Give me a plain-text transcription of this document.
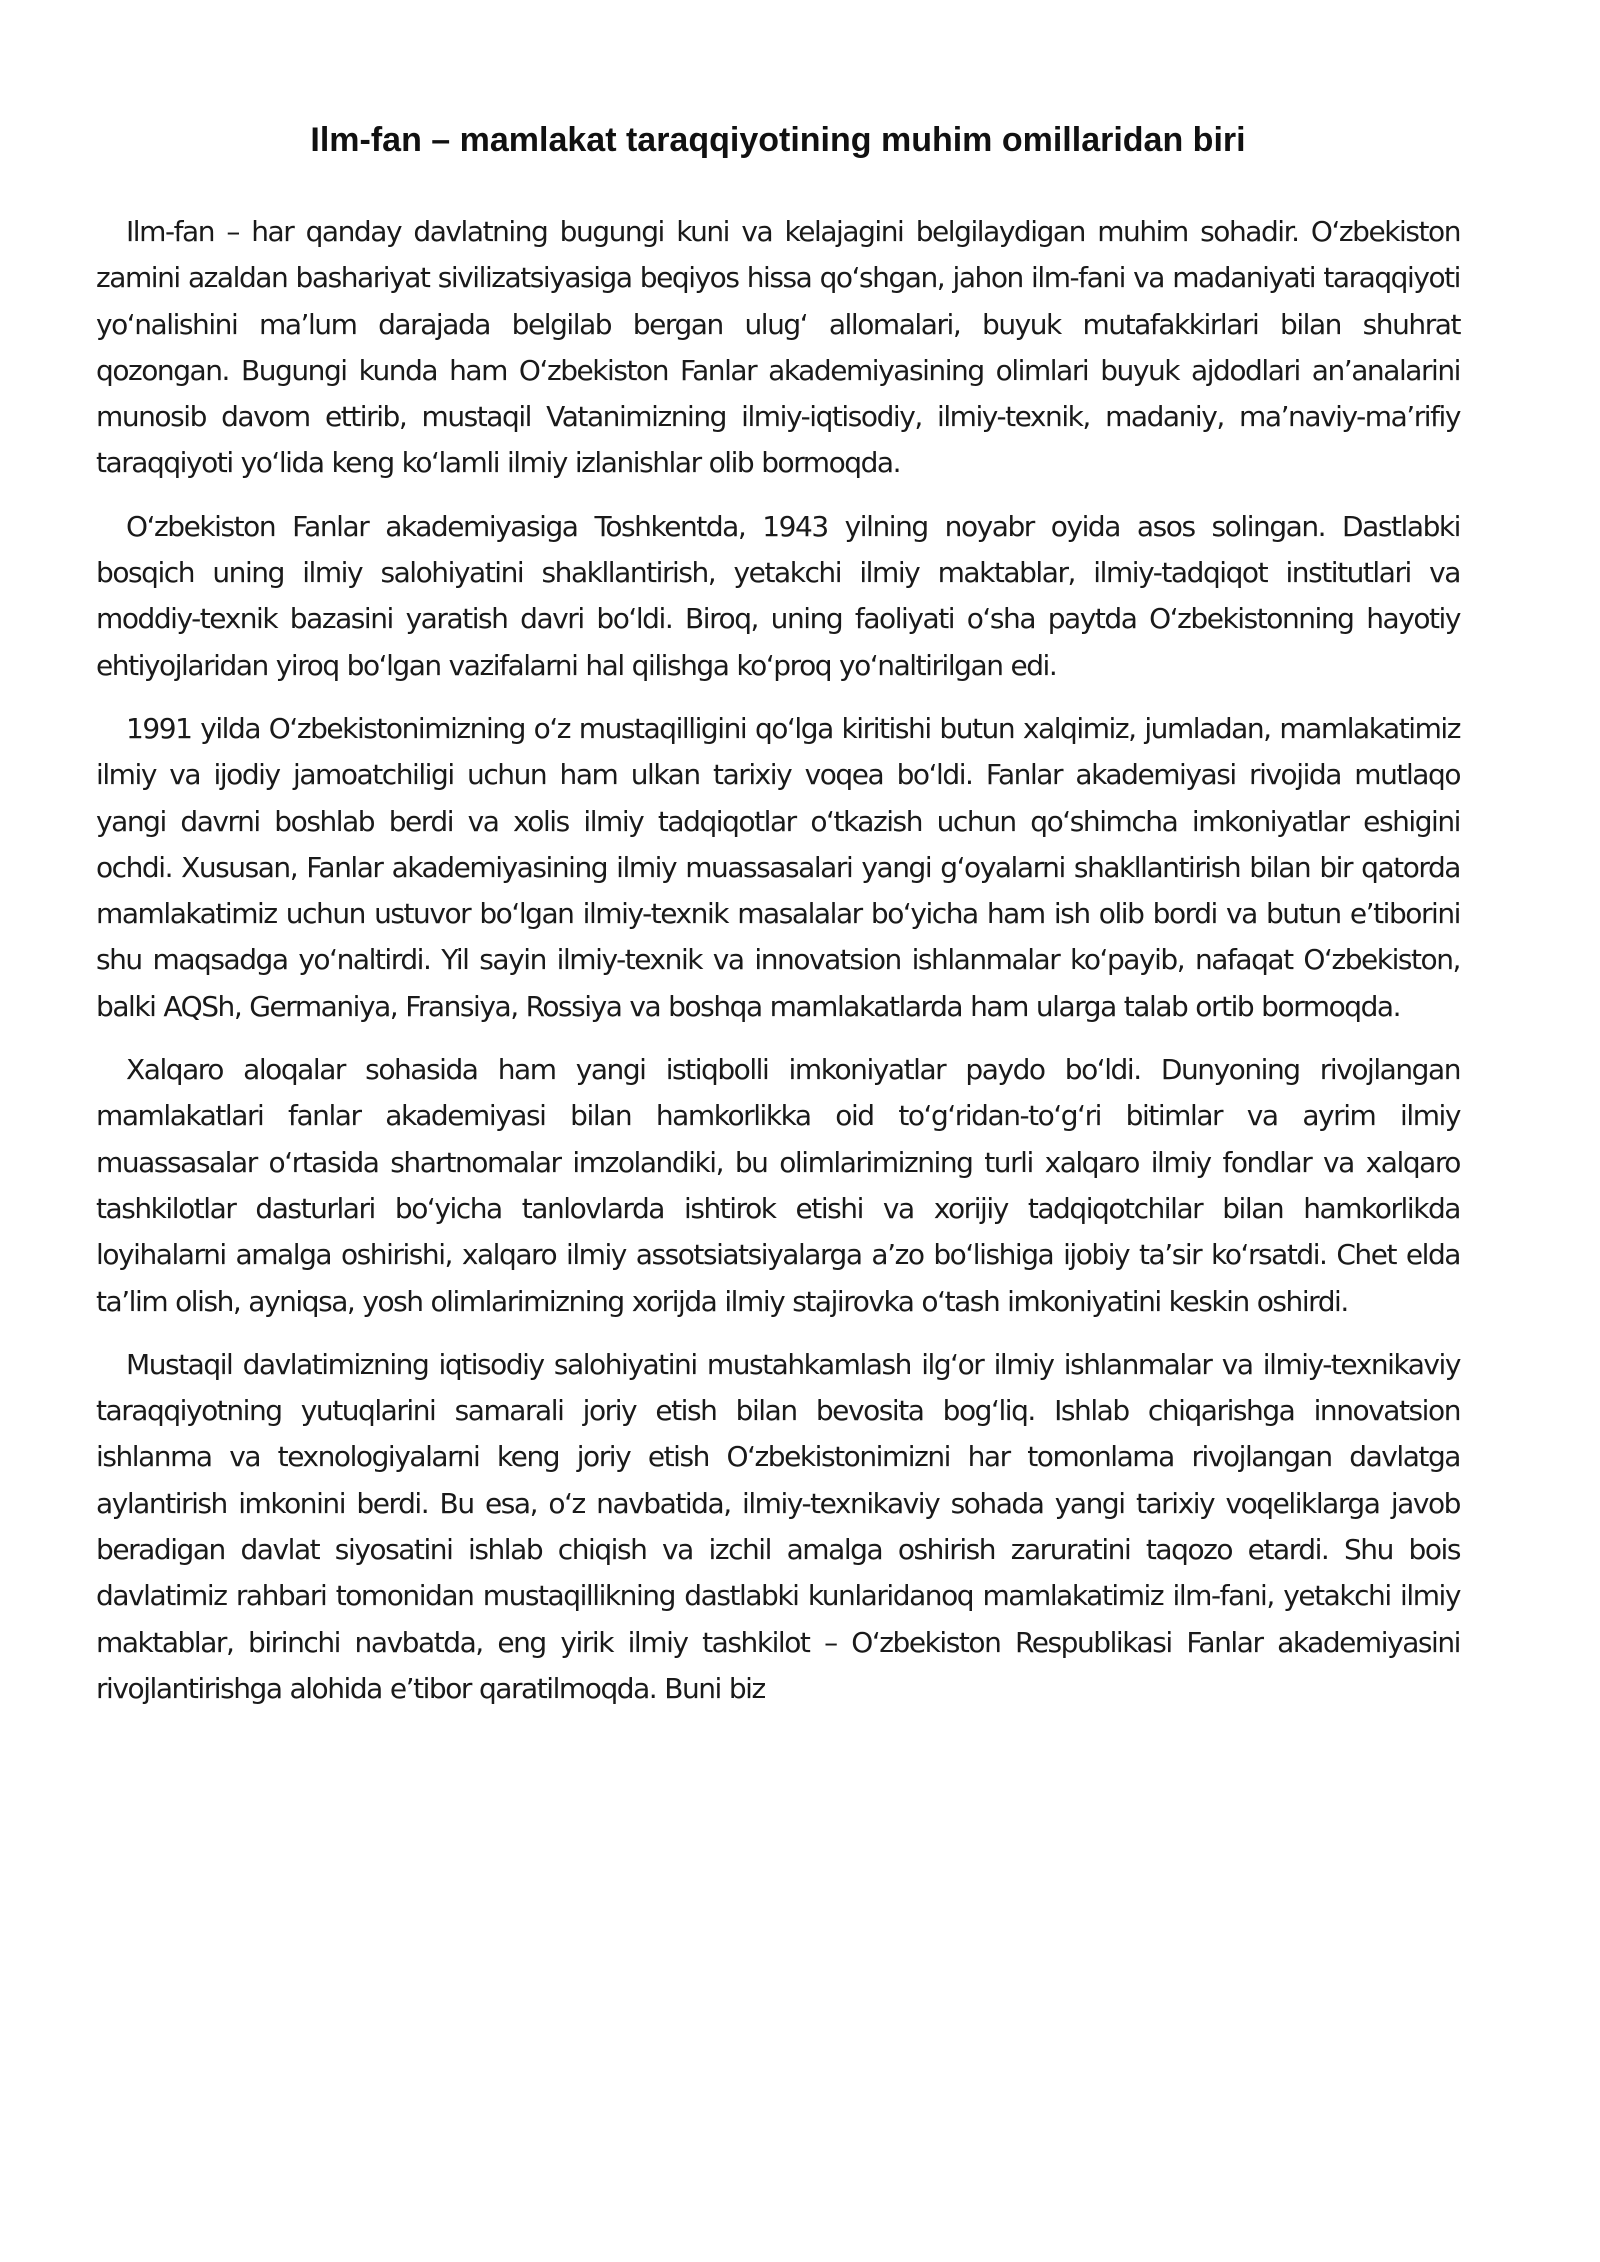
Ilm-fan – mamlakat taraqqiyotining muhim omillaridan biri

Ilm-fan – har qanday davlatning bugungi kuni va kelajagini belgilaydigan muhim sohadir. O‘zbekiston zamini azaldan bashariyat sivilizatsiyasiga beqiyos hissa qo‘shgan, jahon ilm-fani va madaniyati taraqqiyoti yo‘nalishini ma’lum darajada belgilab bergan ulug‘ allomalari, buyuk mutafakkirlari bilan shuhrat qozongan. Bugungi kunda ham O‘zbekiston Fanlar akademiyasining olimlari buyuk ajdodlari an’analarini munosib davom ettirib, mustaqil Vatanimizning ilmiy-iqtisodiy, ilmiy-texnik, madaniy, ma’naviy-ma’rifiy taraqqiyoti yo‘lida keng ko‘lamli ilmiy izlanishlar olib bormoqda.

O‘zbekiston Fanlar akademiyasiga Toshkentda, 1943 yilning noyabr oyida asos solingan. Dastlabki bosqich uning ilmiy salohiyatini shakllantirish, yetakchi ilmiy maktablar, ilmiy-tadqiqot institutlari va moddiy-texnik bazasini yaratish davri bo‘ldi. Biroq, uning faoliyati o‘sha paytda O‘zbekistonning hayotiy ehtiyojlaridan yiroq bo‘lgan vazifalarni hal qilishga ko‘proq yo‘naltirilgan edi.

1991 yilda O‘zbekistonimizning o‘z mustaqilligini qo‘lga kiritishi butun xalqimiz, jumladan, mamlakatimiz ilmiy va ijodiy jamoatchiligi uchun ham ulkan tarixiy voqea bo‘ldi. Fanlar akademiyasi rivojida mutlaqo yangi davrni boshlab berdi va xolis ilmiy tadqiqotlar o‘tkazish uchun qo‘shimcha imkoniyatlar eshigini ochdi. Xususan, Fanlar akademiyasining ilmiy muassasalari yangi g‘oyalarni shakllantirish bilan bir qatorda mamlakatimiz uchun ustuvor bo‘lgan ilmiy-texnik masalalar bo‘yicha ham ish olib bordi va butun e’tiborini shu maqsadga yo‘naltirdi. Yil sayin ilmiy-texnik va innovatsion ishlanmalar ko‘payib, nafaqat O‘zbekiston, balki AQSh, Germaniya, Fransiya, Rossiya va boshqa mamlakatlarda ham ularga talab ortib bormoqda.

Xalqaro aloqalar sohasida ham yangi istiqbolli imkoniyatlar paydo bo‘ldi. Dunyoning rivojlangan mamlakatlari fanlar akademiyasi bilan hamkorlikka oid to‘g‘ridan-to‘g‘ri bitimlar va ayrim ilmiy muassasalar o‘rtasida shartnomalar imzolandiki, bu olimlarimizning turli xalqaro ilmiy fondlar va xalqaro tashkilotlar dasturlari bo‘yicha tanlovlarda ishtirok etishi va xorijiy tadqiqotchilar bilan hamkorlikda loyihalarni amalga oshirishi, xalqaro ilmiy assotsiatsiyalarga a’zo bo‘lishiga ijobiy ta’sir ko‘rsatdi. Chet elda ta’lim olish, ayniqsa, yosh olimlarimizning xorijda ilmiy stajirovka o‘tash imkoniyatini keskin oshirdi.

Mustaqil davlatimizning iqtisodiy salohiyatini mustahkamlash ilg‘or ilmiy ishlanmalar va ilmiy-texnikaviy taraqqiyotning yutuqlarini samarali joriy etish bilan bevosita bog‘liq. Ishlab chiqarishga innovatsion ishlanma va texnologiyalarni keng joriy etish O‘zbekistonimizni har tomonlama rivojlangan davlatga aylantirish imkonini berdi. Bu esa, o‘z navbatida, ilmiy-texnikaviy sohada yangi tarixiy voqeliklarga javob beradigan davlat siyosatini ishlab chiqish va izchil amalga oshirish zaruratini taqozo etardi. Shu bois davlatimiz rahbari tomonidan mustaqillikning dastlabki kunlaridanoq mamlakatimiz ilm-fani, yetakchi ilmiy maktablar, birinchi navbatda, eng yirik ilmiy tashkilot – O‘zbekiston Respublikasi Fanlar akademiyasini rivojlantirishga alohida e’tibor qaratilmoqda. Buni biz
